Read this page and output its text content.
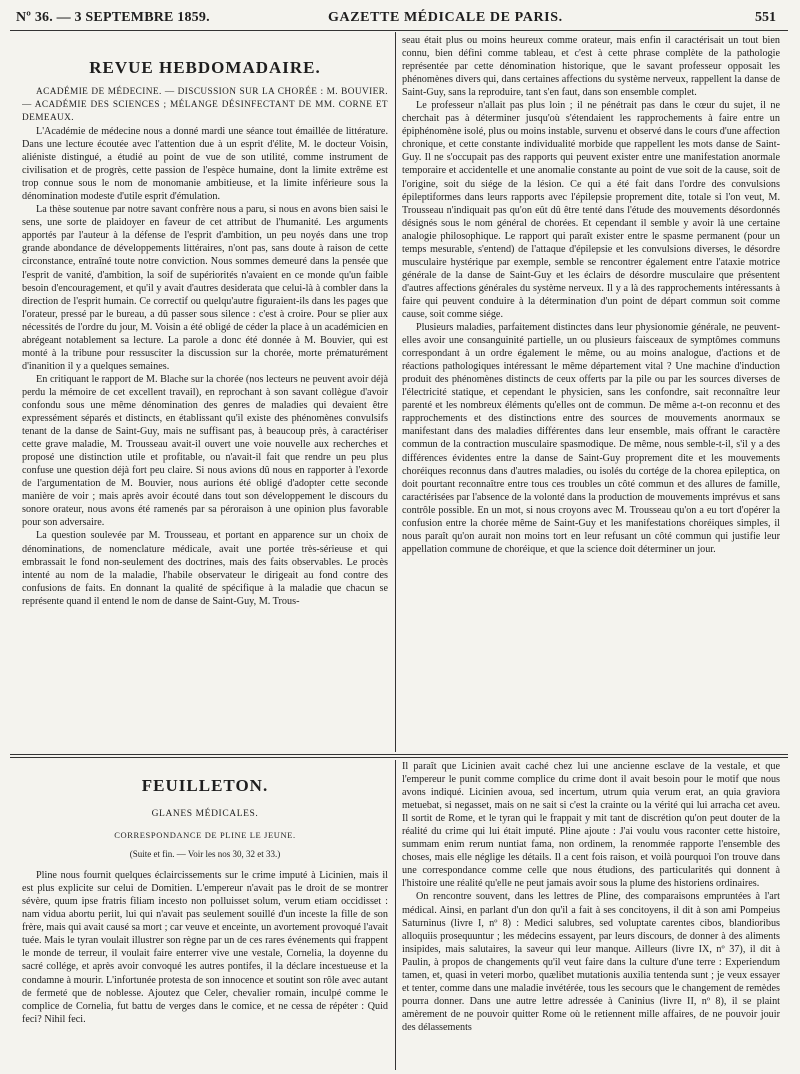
Nº 36. — 3 SEPTEMBRE 1859.	GAZETTE MÉDICALE DE PARIS.	551
REVUE HEBDOMADAIRE.

ACADÉMIE DE MÉDECINE. — DISCUSSION SUR LA CHORÉE : M. BOUVIER. — ACADÉMIE DES SCIENCES ; MÉLANGE DÉSINFECTANT DE MM. CORNE ET DEMEAUX.

L'Académie de médecine nous a donné mardi une séance tout émaillée de littérature. Dans une lecture écoutée avec l'attention due à un esprit d'élite, M. le docteur Voisin, aliéniste distingué, a étudié au point de vue de son utilité, comme instrument de civilisation et de progrès, cette passion de l'espèce humaine, dont la limite extrême est trop connue sous le nom de monomanie ambitieuse, et la limite inférieure sous la dénomination modeste d'utile esprit d'émulation.

La thèse soutenue par notre savant confrère nous a paru, si nous en avons bien saisi le sens, une sorte de plaidoyer en faveur de cet attribut de l'humanité. Les arguments apportés par l'auteur à la défense de l'esprit d'ambition, un peu noyés dans une trop grande abondance de développements littéraires, n'ont pas, sans doute à raison de cette circonstance, entraîné toute notre conviction. Nous sommes demeuré dans la pensée que l'esprit de vanité, d'ambition, la soif de supériorités n'avaient en ce monde qu'un faible besoin d'encouragement, et qu'il y avait d'autres desiderata que celui-là à combler dans la direction de l'esprit humain. Ce correctif ou quelqu'autre figuraient-ils dans les pages que l'orateur, pressé par le bureau, a dû passer sous silence : c'est à croire. Pour se plier aux nécessités de l'ordre du jour, M. Voisin a été obligé de céder la place à un académicien en abrégeant notablement sa lecture. La parole a donc été donnée à M. Bouvier, qui est monté à la tribune pour ressusciter la discussion sur la chorée, morte prématurément d'inanition il y a quelques semaines.

En critiquant le rapport de M. Blache sur la chorée (nos lecteurs ne peuvent avoir déjà perdu la mémoire de cet excellent travail), en reprochant à son savant collègue d'avoir confondu sous une même dénomination des genres de maladies qui devaient être expressément séparés et distincts, en établissant qu'il existe des phénomènes convulsifs tenant de la danse de Saint-Guy, mais ne suffisant pas, à beaucoup près, à caractériser cette grave maladie, M. Trousseau avait-il ouvert une voie nouvelle aux recherches et proposé une distinction utile et profitable, ou n'avait-il fait que rendre un peu plus confuse une question déjà fort peu claire. Si nous avions dû nous en rapporter à l'exorde de l'argumentation de M. Bouvier, nous aurions été obligé d'adopter cette seconde manière de voir ; mais après avoir écouté dans tout son développement le discours du sonore orateur, nous avons été ramenés par sa péroraison à une opinion plus favorable pour son adversaire.

La question soulevée par M. Trousseau, et portant en apparence sur un choix de dénominations, de nomenclature médicale, avait une portée très-sérieuse et qui embrassait le fond non-seulement des doctrines, mais des faits observables. Le procès intenté au nom de la maladie, l'habile observateur le dirigeait au fond contre des confusions de faits. En donnant la qualité de spécifique à la maladie que chacun se représente quand il entend le nom de danse de Saint-Guy, M. Trous-

seau était plus ou moins heureux comme orateur, mais enfin il caractérisait un tout bien connu, bien défini comme tableau, et c'est à cette phrase complète de la pathologie représentée par cette dénomination historique, que le savant professeur opposait les phénomènes divers qui, dans certaines affections du système nerveux, rappellent la danse de Saint-Guy, sans la reproduire, tant s'en faut, dans son ensemble complet.

Le professeur n'allait pas plus loin ; il ne pénétrait pas dans le cœur du sujet, il ne cherchait pas à déterminer jusqu'où s'étendaient les rapprochements à faire entre un épiphénomène isolé, plus ou moins instable, survenu et observé dans le cours d'une affection chronique, et cette constante individualité morbide que rappellent les mots danse de Saint-Guy. Il ne s'occupait pas des rapports qui peuvent exister entre une manifestation anormale temporaire et accidentelle et une anomalie constante au point de vue soit de la cause, soit de l'origine, soit du siége de la lésion. Ce qui a été fait dans l'ordre des convulsions épileptiformes dans leurs rapports avec l'épilepsie proprement dite, totale si l'on veut, M. Trousseau n'indiquait pas qu'on eût dû être tenté dans l'étude des mouvements désordonnés désignés sous le nom général de chorées. Et cependant il semble y avoir là une certaine analogie philosophique. Le rapport qui paraît exister entre le spasme permanent (pour un temps mesurable, s'entend) de l'attaque d'épilepsie et les convulsions diverses, le désordre musculaire hystérique par exemple, semble se rencontrer également entre l'ataxie motrice générale de la danse de Saint-Guy et les éclairs de désordre musculaire que présentent d'autres affections générales du système nerveux. Il y a là des rapprochements intéressants à faire qui peuvent conduire à la détermination d'un point de départ commun soit comme cause, soit comme siége.

Plusieurs maladies, parfaitement distinctes dans leur physionomie générale, ne peuvent-elles avoir une consanguinité partielle, un ou plusieurs faisceaux de symptômes communs correspondant à un ordre également le même, ou au moins analogue, d'actions et de réactions pathologiques intéressant le même département vital ? Une machine d'induction produit des phénomènes distincts de ceux offerts par la pile ou par les sources diverses de l'électricité statique, et cependant le physicien, sans les confondre, sait reconnaître leur parenté et les nombreux éléments qu'elles ont de commun. De même a-t-on reconnu et des rapprochements et des distinctions entre des sources de mouvements anormaux se manifestant dans des maladies différentes dans leur ensemble, mais offrant le caractère commun de la contraction musculaire spasmodique. De même, nous semble-t-il, s'il y a des différences évidentes entre la danse de Saint-Guy proprement dite et les mouvements choréiques reconnus dans d'autres maladies, ou isolés du cortége de la chorea epileptica, on doit pourtant reconnaître entre tous ces troubles un côté commun et des allures de famille, caractérisées par l'absence de la volonté dans la production de mouvements imprévus et sans contrôle possible. En un mot, si nous croyons avec M. Trousseau qu'on a eu tort d'opérer la confusion entre la chorée même de Saint-Guy et les manifestations choréiques simples, il nous paraît qu'on aurait non moins tort en leur refusant un côté commun qui justifie leur appellation commune de choréique, et que la science doit déterminer un jour.

FEUILLETON.
GLANES MÉDICALES.
CORRESPONDANCE DE PLINE LE JEUNE.
(Suite et fin. — Voir les nos 30, 32 et 33.)

Pline nous fournit quelques éclaircissements sur le crime imputé à Licinien, mais il est plus explicite sur celui de Domitien. L'empereur n'avait pas le droit de se montrer sévère, quum ipse fratris filiam incesto non polluisset solum, verum etiam occidisset : nam vidua abortu periit, lui qui n'avait pas seulement souillé d'un inceste la fille de son frère, mais qui avait causé sa mort ; car veuve et enceinte, un avortement provoqué l'avait tuée. Mais le tyran voulait illustrer son règne par un de ces rares événements qui frappent le monde de terreur, il voulait faire enterrer vive une vestale, Cornelia, la doyenne du sacré collége, et après avoir convoqué les autres pontifes, il la déclare incestueuse et la condamne à mourir. L'infortunée protesta de son innocence et soutint son rôle avec autant de fermeté que de noblesse. Ajoutez que Celer, chevalier romain, inculpé comme le complice de Cornelia, fut battu de verges dans le comice, et ne cessa de répéter : Quid feci? Nihil feci.

Il paraît que Licinien avait caché chez lui une ancienne esclave de la vestale, et que l'empereur le punit comme complice du crime dont il avait besoin pour le motif que nous avons indiqué. Licinien avoua, sed incertum, utrum quia verum erat, an quia graviora metuebat, si negasset, mais on ne sait si c'est la crainte ou la vérité qui lui arracha cet aveu. Il sortit de Rome, et le tyran qui le frappait y mit tant de discrétion qu'on peut douter de la réalité du crime qui lui était imputé. Pline ajoute : J'ai voulu vous raconter cette histoire, summam enim rerum nuntiat fama, non ordinem, la renommée rapporte l'ensemble des choses, mais elle néglige les détails. Il a cent fois raison, et voilà pourquoi l'on trouve dans une correspondance comme celle que nous étudions, des particularités qui donnent à l'histoire une réalité qu'elle ne peut jamais avoir sous la plume des historiens ordinaires.

On rencontre souvent, dans les lettres de Pline, des comparaisons empruntées à l'art médical. Ainsi, en parlant d'un don qu'il a fait à ses concitoyens, il dit à son ami Pompeius Saturninus (livre I, nº 8) : Medici salubres, sed voluptate carentes cibos, blandioribus alloquiis prosequuntur ; les médecins essayent, par leurs discours, de donner à des aliments insipides, mais salutaires, la saveur qui leur manque. Ailleurs (livre IX, nº 37), il dit à Paulin, à propos de changements qu'il veut faire dans la culture d'une terre : Experiendum tamen, et, quasi in veteri morbo, quælibet mutationis auxilia tentenda sunt ; je veux essayer et tenter, comme dans une maladie invétérée, tous les secours que le changement de remèdes pourra donner. Dans une autre lettre adressée à Caninius (livre II, nº 8), il se plaint amèrement de ne pouvoir quitter Rome où le retiennent mille affaires, de ne pouvoir jouir des délassements
